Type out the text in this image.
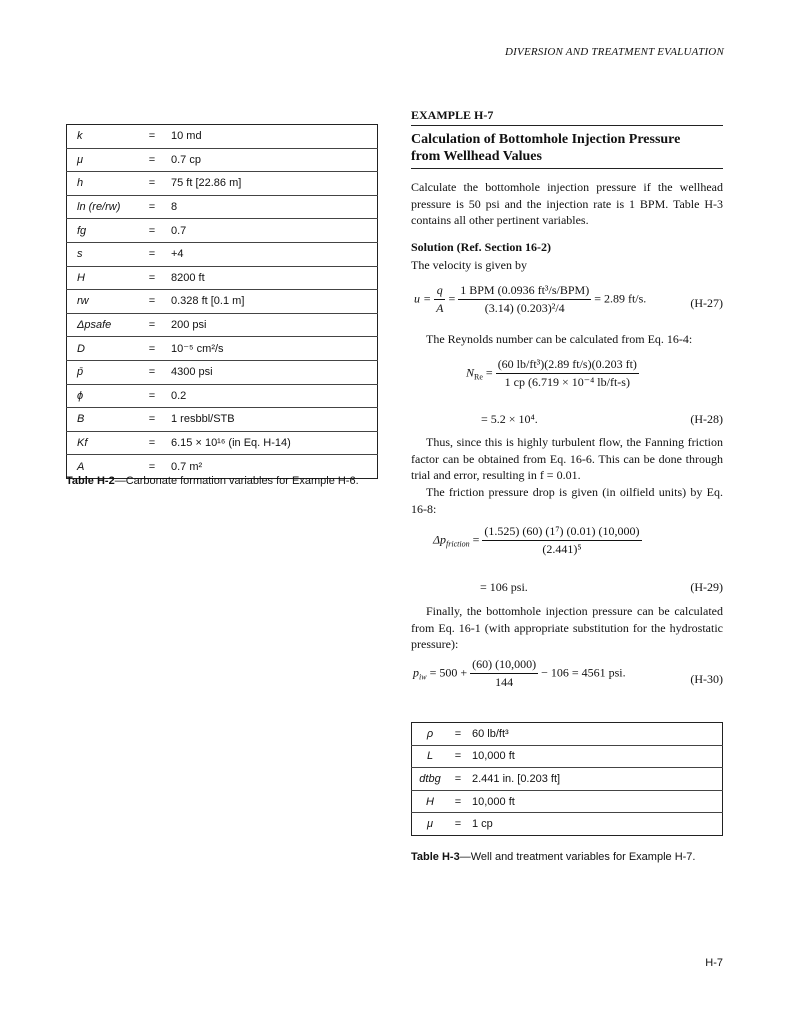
DIVERSION AND TREATMENT EVALUATION
k	=	10 md
μ	=	0.7 cp
h	=	75 ft [22.86 m]
ln (re/rw)	=	8
fg	=	0.7
s	=	+4
H	=	8200 ft
rw	=	0.328 ft [0.1 m]
Δpsafe	=	200 psi
D	=	10⁻⁵ cm²/s
p̄	=	4300 psi
ϕ	=	0.2
B	=	1 resbbl/STB
Kf	=	6.15 × 10¹⁶ (in Eq. H-14)
A	=	0.7 m²
Table H-2—Carbonate formation variables for Example H-6.
EXAMPLE H-7
Calculation of Bottomhole Injection Pressure
from Wellhead Values
Calculate the bottomhole injection pressure if the wellhead pressure is 50 psi and the injection rate is 1 BPM. Table H-3 contains all other pertinent variables.
Solution (Ref. Section 16-2)
The velocity is given by
$u = \frac{q}{A} = \frac{\text{1 BPM (0.0936 ft³/s/BPM)}}{\text{(3.14) (0.203)²/4}} = 2.89$ ft/s.	(H-27)
The Reynolds number can be calculated from Eq. 16-4:
$N_{Re} = \frac{\text{(60 lb/ft³)(2.89 ft/s)(0.203 ft)}}{\text{1 cp (6.719 × 10⁻⁴ lb/ft-s)}}$
= 5.2 × 10⁴.	(H-28)
Thus, since this is highly turbulent flow, the Fanning friction factor can be obtained from Eq. 16-6. This can be done through trial and error, resulting in f = 0.01.
The friction pressure drop is given (in oilfield units) by Eq. 16-8:
$\Delta p_{friction} = \frac{\text{(1.525) (60) (1⁷) (0.01) (10,000)}}{\text{(2.441)⁵}}$
= 106 psi.	(H-29)
Finally, the bottomhole injection pressure can be calculated from Eq. 16-1 (with appropriate substitution for the hydrostatic pressure):
$p_{iw} = 500 + \frac{(60) (10,000)}{144} - 106 = 4561$ psi.	(H-30)
ρ	=	60 lb/ft³
L	=	10,000 ft
dtbg	=	2.441 in. [0.203 ft]
H	=	10,000 ft
μ	=	1 cp
Table H-3—Well and treatment variables for Example H-7.
H-7
